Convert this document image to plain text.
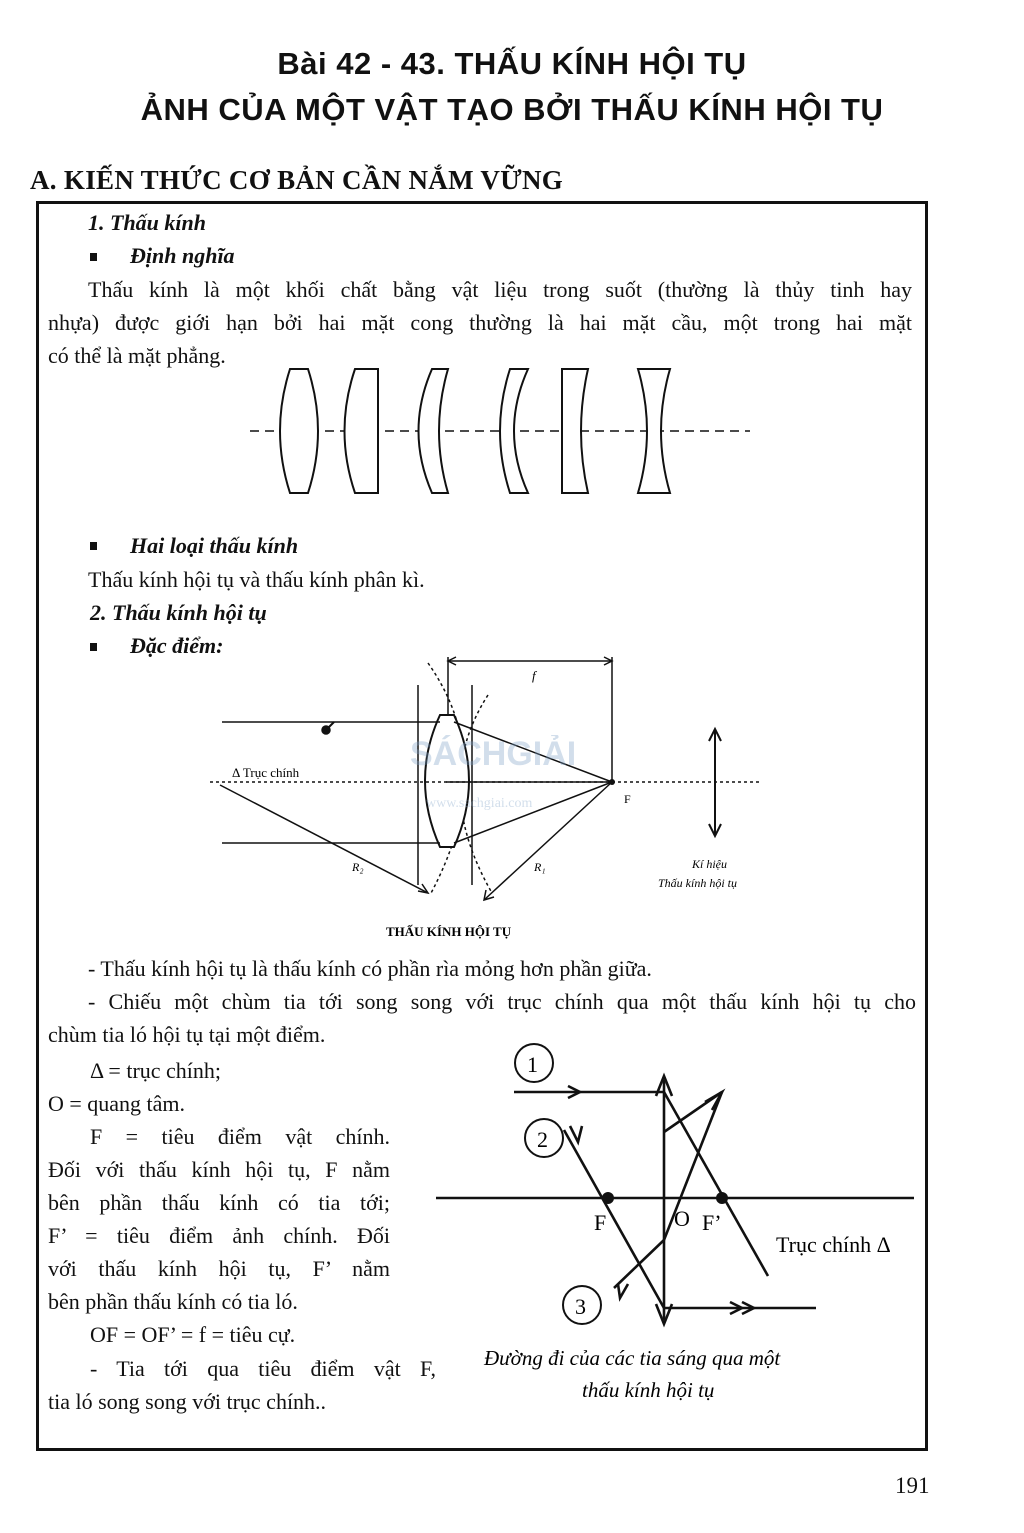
Bài 42 - 43. THẤU KÍNH HỘI TỤ
ẢNH CỦA MỘT VẬT TẠO BỞI THẤU KÍNH HỘI TỤ
A. KIẾN THỨC CƠ BẢN CẦN NẮM VỮNG
1. Thấu kính
Định nghĩa
Thấu kính là một khối chất bằng vật liệu trong suốt (thường là thủy tinh hay
nhựa) được giới hạn bởi hai mặt cong thường là hai mặt cầu, một trong hai mặt
có thể là mặt phẳng.
Hai loại thấu kính
Thấu kính hội tụ và thấu kính phân kì.
2. Thấu kính hội tụ
Đặc điểm:
f
Δ Trục chính
F
R₂	R₁	Kí hiệu
Thấu kính hội tụ
THẤU KÍNH HỘI TỤ
SÁCHGIẢI
www.sachgiai.com
- Thấu kính hội tụ là thấu kính có phần rìa mỏng hơn phần giữa.
- Chiếu một chùm tia tới song song với trục chính qua một thấu kính hội tụ cho
chùm tia ló hội tụ tại một điểm.
Δ = trục chính;
O = quang tâm.
F = tiêu điểm vật chính.
Đối với thấu kính hội tụ, F nằm
bên phần thấu kính có tia tới;
F’ = tiêu điểm ảnh chính. Đối
với thấu kính hội tụ, F’ nằm
bên phần thấu kính có tia ló.
OF = OF’ = f = tiêu cự.
- Tia tới qua tiêu điểm vật F,
tia ló song song với trục chính..
1
2
3
F	O F’
Trục chính Δ
Đường đi của các tia sáng qua một
thấu kính hội tụ
191
